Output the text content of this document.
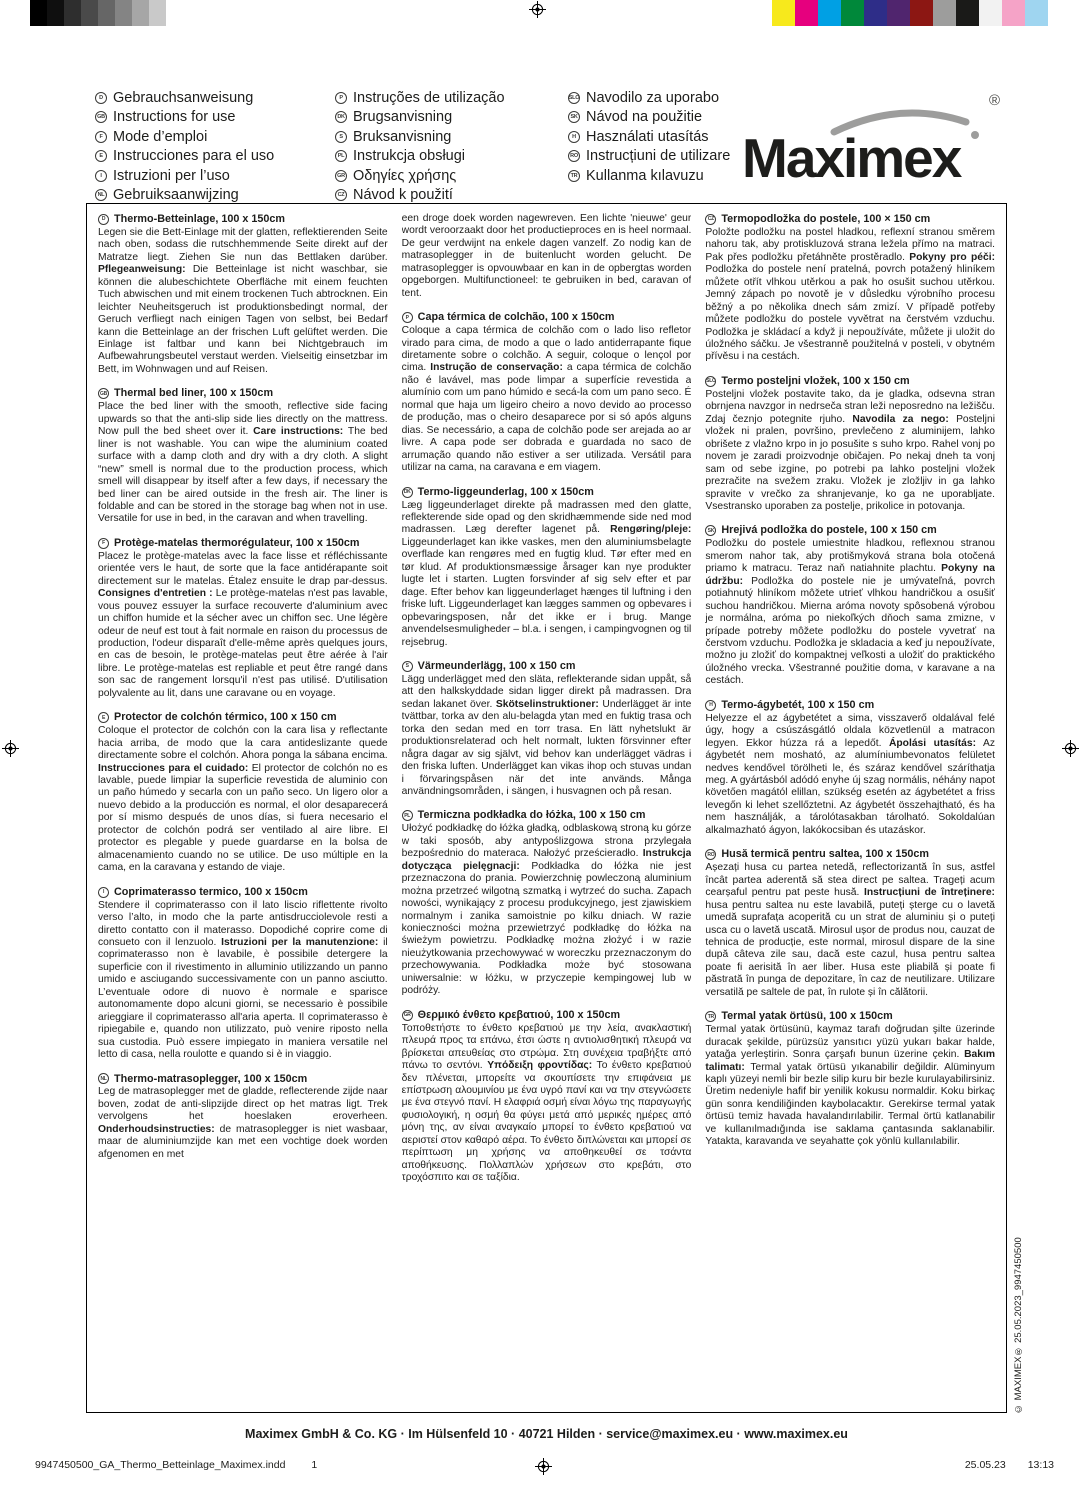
D Gebrauchsanweisung
GB Instructions for use
F Mode d’emploi
E Instrucciones para el uso
I Istruzioni per l’uso
NL Gebruiksaanwijzing
P Instruções de utilização
DK Brugsanvisning
S Bruksanvisning
PL Instrukcja obsługi
GR Οδηγίες χρήσης
CZ Návod k použití
SLO Navodilo za uporabo
SK Návod na použitie
H Használati utasítás
RO Instrucțiuni de utilizare
TR Kullanma kılavuzu Maximex
®
D Thermo-Betteinlage, 100 x 150cm

Legen sie die Bett-Einlage mit der glatten, reflektierenden Seite nach oben, sodass die rutschhemmende Seite direkt auf der Matratze liegt. Ziehen Sie nun das Bettlaken darüber. Pflegeanweisung: Die Betteinlage ist nicht waschbar, sie können die alubeschichtete Oberfläche mit einem feuchten Tuch abwischen und mit einem trockenen Tuch abtrocknen. Ein leichter Neuheitsgeruch ist produktionsbedingt normal, der Geruch verfliegt nach einigen Tagen von selbst, bei Bedarf kann die Betteinlage an der frischen Luft gelüftet werden. Die Einlage ist faltbar und kann bei Nichtgebrauch im Aufbewahrungsbeutel verstaut werden. Vielseitig einsetzbar im Bett, im Wohnwagen und auf Reisen.

GB Thermal bed liner, 100 x 150cm

Place the bed liner with the smooth, reflective side facing upwards so that the anti-slip side lies directly on the mattress. Now pull the bed sheet over it. Care instructions: The bed liner is not washable. You can wipe the aluminium coated surface with a damp cloth and dry with a dry cloth. A slight “new” smell is normal due to the production process, which smell will disappear by itself after a few days, if necessary the bed liner can be aired outside in the fresh air. The liner is foldable and can be stored in the storage bag when not in use. Versatile for use in bed, in the caravan and when travelling.

F Protège-matelas thermorégulateur, 100 x 150cm

Placez le protège-matelas avec la face lisse et réfléchissante orientée vers le haut, de sorte que la face antidérapante soit directement sur le matelas. Étalez ensuite le drap par-dessus. Consignes d'entretien : Le protège-matelas n'est pas lavable, vous pouvez essuyer la surface recouverte d'aluminium avec un chiffon humide et la sécher avec un chiffon sec. Une légère odeur de neuf est tout à fait normale en raison du processus de production, l'odeur disparaît d'elle-même après quelques jours, en cas de besoin, le protège-matelas peut être aérée à l'air libre. Le protège-matelas est repliable et peut être rangé dans son sac de rangement lorsqu'il n'est pas utilisé. D'utilisation polyvalente au lit, dans une caravane ou en voyage.

E Protector de colchón térmico, 100 x 150 cm

Coloque el protector de colchón con la cara lisa y reflectante hacia arriba, de modo que la cara antideslizante quede directamente sobre el colchón. Ahora ponga la sábana encima. Instrucciones para el cuidado: El protector de colchón no es lavable, puede limpiar la superficie revestida de aluminio con un paño húmedo y secarla con un paño seco. Un ligero olor a nuevo debido a la producción es normal, el olor desaparecerá por sí mismo después de unos días, si fuera necesario el protector de colchón podrá ser ventilado al aire libre. El protector es plegable y puede guardarse en la bolsa de almacenamiento cuando no se utilice. De uso múltiple en la cama, en la caravana y estando de viaje.

I Coprimaterasso termico, 100 x 150cm

Stendere il coprimaterasso con il lato liscio riflettente rivolto verso l’alto, in modo che la parte antisdrucciolevole resti a diretto contatto con il materasso. Dopodiché coprire come di consueto con il lenzuolo. Istruzioni per la manutenzione: il coprimaterasso non è lavabile, è possibile detergere la superficie con il rivestimento in alluminio utilizzando un panno umido e asciugando successivamente con un panno asciutto. L’eventuale odore di nuovo è normale e sparisce autonomamente dopo alcuni giorni, se necessario è possibile arieggiare il coprimaterasso all'aria aperta. Il coprimaterasso è ripiegabile e, quando non utilizzato, può venire riposto nella sua custodia. Può essere impiegato in maniera versatile nel letto di casa, nella roulotte e quando si è in viaggio.

NL Thermo-matrasoplegger, 100 x 150cm

Leg de matrasoplegger met de gladde, reflecterende zijde naar boven, zodat de anti-slipzijde direct op het matras ligt. Trek vervolgens het hoeslaken eroverheen. Onderhoudsinstructies: de matrasoplegger is niet wasbaar, maar de aluminiumzijde kan met een vochtige doek worden afgenomen en met

een droge doek worden nagewreven. Een lichte 'nieuwe' geur wordt veroorzaakt door het productieproces en is heel normaal. De geur verdwijnt na enkele dagen vanzelf. Zo nodig kan de matrasoplegger in de buitenlucht worden gelucht. De matrasoplegger is opvouwbaar en kan in de opbergtas worden opgeborgen. Multifunctioneel: te gebruiken in bed, caravan of tent.

P Capa térmica de colchão, 100 x 150cm

Coloque a capa térmica de colchão com o lado liso refletor virado para cima, de modo a que o lado antiderrapante fique diretamente sobre o colchão. A seguir, coloque o lençol por cima. Instrução de conservação: a capa térmica de colchão não é lavável, mas pode limpar a superfície revestida a alumínio com um pano húmido e secá-la com um pano seco. É normal que haja um ligeiro cheiro a novo devido ao processo de produção, mas o cheiro desaparece por si só após alguns dias. Se necessário, a capa de colchão pode ser arejada ao ar livre. A capa pode ser dobrada e guardada no saco de arrumação quando não estiver a ser utilizada. Versátil para utilizar na cama, na caravana e em viagem.

DK Termo-liggeunderlag, 100 x 150cm

Læg liggeunderlaget direkte på madrassen med den glatte, reflekterende side opad og den skridhæmmende side ned mod madrassen. Læg derefter lagenet på. Rengøring/pleje: Liggeunderlaget kan ikke vaskes, men den aluminiumsbelagte overflade kan rengøres med en fugtig klud. Tør efter med en tør klud. Af produktionsmæssige årsager kan nye produkter lugte let i starten. Lugten forsvinder af sig selv efter et par dage. Efter behov kan liggeunderlaget hænges til luftning i den friske luft. Liggeunderlaget kan lægges sammen og opbevares i opbevaringsposen, når det ikke er i brug. Mange anvendelsesmuligheder – bl.a. i sengen, i campingvognen og til rejsebrug.

S Värmeunderlägg, 100 x 150 cm

Lägg underlägget med den släta, reflekterande sidan uppåt, så att den halkskyddade sidan ligger direkt på madrassen. Dra sedan lakanet över. Skötselinstruktioner: Underlägget är inte tvättbar, torka av den alu-belagda ytan med en fuktig trasa och torka den sedan med en torr trasa. En lätt nyhetslukt är produktionsrelaterad och helt normalt, lukten försvinner efter några dagar av sig självt, vid behov kan underlägget vädras i den friska luften. Underlägget kan vikas ihop och stuvas undan i förvaringspåsen när det inte används. Många användningsområden, i sängen, i husvagnen och på resan.

PL Termiczna podkładka do łóżka, 100 x 150 cm

Ułożyć podkładkę do łóżka gładką, odblaskową stroną ku górze w taki sposób, aby antypoślizgowa strona przylegała bezpośrednio do materaca. Nałożyć prześcieradło. Instrukcja dotycząca pielęgnacji: Podkładka do łóżka nie jest przeznaczona do prania. Powierzchnię powleczoną aluminium można przetrzeć wilgotną szmatką i wytrzeć do sucha. Zapach nowości, wynikający z procesu produkcyjnego, jest zjawiskiem normalnym i zanika samoistnie po kilku dniach. W razie konieczności można przewietrzyć podkładkę do łóżka na świeżym powietrzu. Podkładkę można złożyć i w razie nieużytkowania przechowywać w woreczku przeznaczonym do przechowywania. Podkładka może być stosowana uniwersalnie: w łóżku, w przyczepie kempingowej lub w podróży.

GR Θερμικό ένθετο κρεβατιού, 100 x 150cm

Τοποθετήστε το ένθετο κρεβατιού με την λεία, ανακλαστική πλευρά προς τα επάνω, έτσι ώστε η αντιολισθητική πλευρά να βρίσκεται απευθείας στο στρώμα. Στη συνέχεια τραβήξτε από πάνω το σεντόνι. Υπόδειξη φροντίδας: Το ένθετο κρεβατιού δεν πλένεται, μπορείτε να σκουπίσετε την επιφάνεια με επίστρωση αλουμινίου με ένα υγρό πανί και να την στεγνώσετε με ένα στεγνό πανί. Η ελαφριά οσμή είναι λόγω της παραγωγής φυσιολογική, η οσμή θα φύγει μετά από μερικές ημέρες από μόνη της, αν είναι αναγκαίο μπορεί το ένθετο κρεβατιού να αεριστεί στον καθαρό αέρα. Το ένθετο διπλώνεται και μπορεί σε περίπτωση μη χρήσης να αποθηκευθεί σε τσάντα αποθήκευσης. Πολλαπλών χρήσεων στο κρεβάτι, στο τροχόσπιτο και σε ταξίδια.

CZ Termopodložka do postele, 100 × 150 cm

Položte podložku na postel hladkou, reflexní stranou směrem nahoru tak, aby protiskluzová strana ležela přímo na matraci. Pak přes podložku přetáhněte prostěradlo. Pokyny pro péči: Podložka do postele není pratelná, povrch potažený hliníkem můžete otřít vlhkou utěrkou a pak ho osušit suchou utěrkou. Jemný zápach po novotě je v důsledku výrobního procesu běžný a po několika dnech sám zmizí. V případě potřeby můžete podložku do postele vyvětrat na čerstvém vzduchu. Podložka je skládací a když ji nepoužíváte, můžete ji uložit do úložného sáčku. Je všestranně použitelná v posteli, v obytném přívěsu i na cestách.

SLO Termo posteljni vložek, 100 x 150 cm

Posteljni vložek postavite tako, da je gladka, odsevna stran obrnjena navzgor in nedrseča stran leži neposredno na ležišču. Zdaj čeznjo potegnite rjuho. Navodila za nego: Posteljni vložek ni pralen, površino, prevlečeno z aluminijem, lahko obrišete z vlažno krpo in jo posušite s suho krpo. Rahel vonj po novem je zaradi proizvodnje običajen. Po nekaj dneh ta vonj sam od sebe izgine, po potrebi pa lahko posteljni vložek prezračite na svežem zraku. Vložek je zložljiv in ga lahko spravite v vrečko za shranjevanje, ko ga ne uporabljate. Vsestransko uporaben za postelje, prikolice in potovanja.

SK Hrejivá podložka do postele, 100 x 150 cm

Podložku do postele umiestnite hladkou, reflexnou stranou smerom nahor tak, aby protišmyková strana bola otočená priamo k matracu. Teraz naň natiahnite plachtu. Pokyny na údržbu: Podložka do postele nie je umývateľná, povrch potiahnutý hliníkom môžete utrieť vlhkou handričkou a osušiť suchou handričkou. Mierna aróma novoty spôsobená výrobou je normálna, aróma po niekoľkých dňoch sama zmizne, v prípade potreby môžete podložku do postele vyvetrať na čerstvom vzduchu. Podložka je skladacia a keď ju nepoužívate, možno ju zložiť do kompaktnej veľkosti a uložiť do praktického úložného vrecka. Všestranné použitie doma, v karavane a na cestách.

H Termo-ágybetét, 100 x 150 cm

Helyezze el az ágybetétet a sima, visszaverő oldalával felé úgy, hogy a csúszásgátló oldala közvetlenül a matracon legyen. Ekkor húzza rá a lepedőt. Ápolási utasítás: Az ágybetét nem mosható, az alumíniumbevonatos felületet nedves kendővel törölheti le, és száraz kendővel száríthatja meg. A gyártásból adódó enyhe új szag normális, néhány napot követően magától elillan, szükség esetén az ágybetétet a friss levegőn ki lehet szellőztetni. Az ágybetét összehajtható, és ha nem használják, a tárolótasakban tárolható. Sokoldalúan alkalmazható ágyon, lakókocsiban és utazáskor.

RO Husă termică pentru saltea, 100 x 150cm

Așezați husa cu partea netedă, reflectorizantă în sus, astfel încât partea aderentă să stea direct pe saltea. Trageți acum cearșaful pentru pat peste husă. Instrucțiuni de întreținere: husa pentru saltea nu este lavabilă, puteți șterge cu o lavetă umedă suprafața acoperită cu un strat de aluminiu și o puteți usca cu o lavetă uscată. Mirosul ușor de produs nou, cauzat de tehnica de producție, este normal, mirosul dispare de la sine după câteva zile sau, dacă este cazul, husa pentru saltea poate fi aerisită în aer liber. Husa este pliabilă și poate fi păstrată în punga de depozitare, în caz de neutilizare. Utilizare versatilă pe saltele de pat, în rulote și în călătorii.

TR Termal yatak örtüsü, 100 x 150cm

Termal yatak örtüsünü, kaymaz tarafı doğrudan şilte üzerinde duracak şekilde, pürüzsüz yansıtıcı yüzü yukarı bakar halde, yatağa yerleştirin. Sonra çarşafı bunun üzerine çekin. Bakım talimatı: Termal yatak örtüsü yıkanabilir değildir. Alüminyum kaplı yüzeyi nemli bir bezle silip kuru bir bezle kurulayabilirsiniz. Üretim nedeniyle hafif bir yenilik kokusu normaldir. Koku birkaç gün sonra kendiliğinden kaybolacaktır. Gerekirse termal yatak örtüsü temiz havada havalandırılabilir. Termal örtü katlanabilir ve kullanılmadığında ise saklama çantasında saklanabilir. Yatakta, karavanda ve seyahatte çok yönlü kullanılabilir.

Maximex GmbH & Co. KG · Im Hülsenfeld 10 · 40721 Hilden · service@maximex.eu · www.maximex.eu
© MAXIMEX® 25.05.2023_9947450500
9947450500_GA_Thermo_Betteinlage_Maximex.indd 1	25.05.23 13:13
